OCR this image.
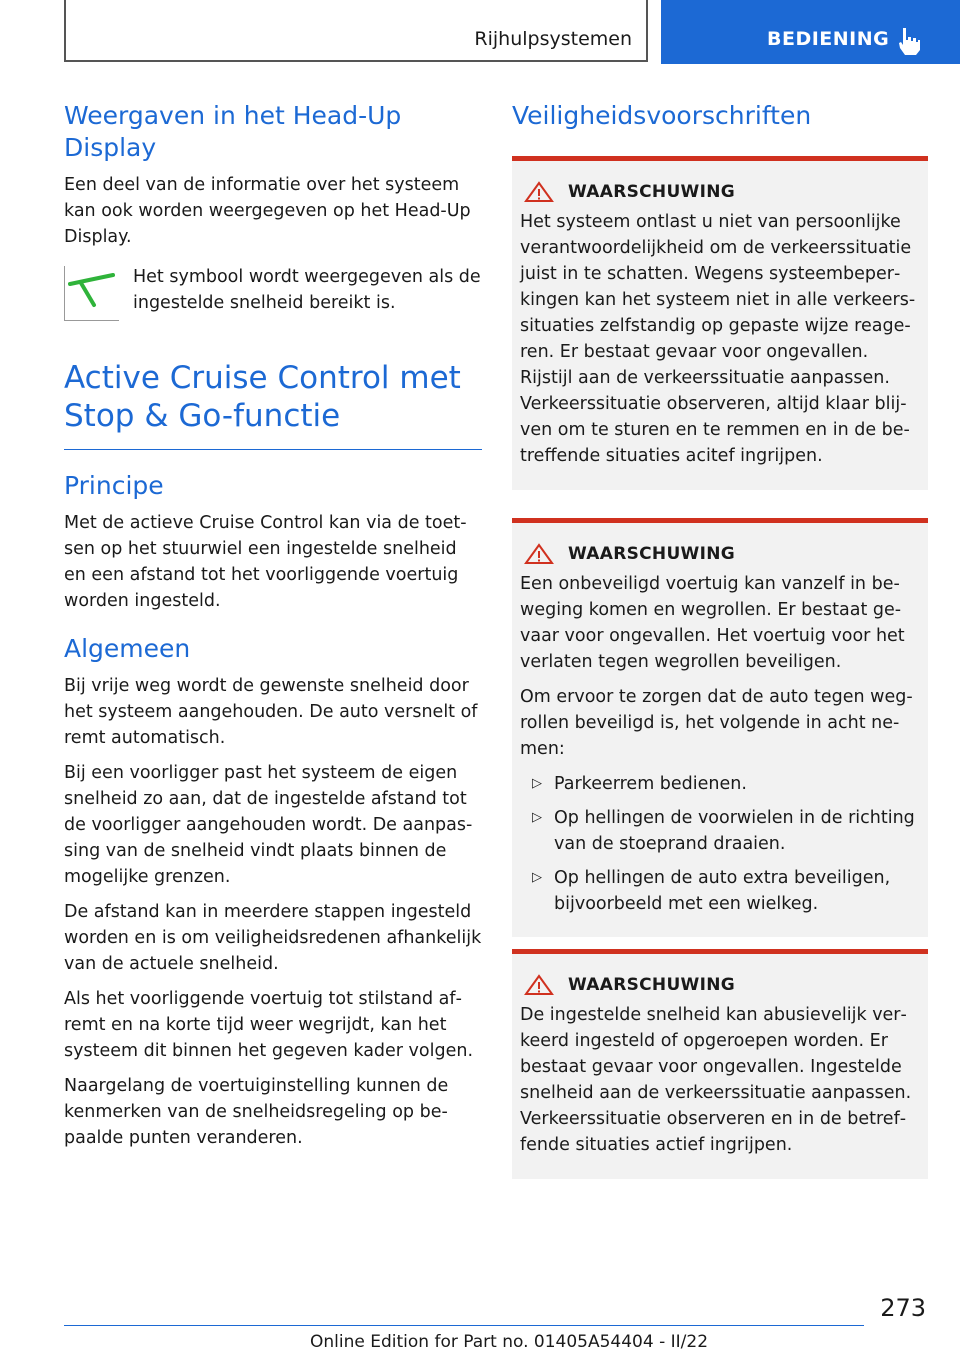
Rijhulpsystemen	BEDIENING
Weergaven in het Head-Up Display

Een deel van de informatie over het systeem kan ook worden weergegeven op het Head-Up Display.

Het symbool wordt weergegeven als de ingestelde snelheid bereikt is.

Active Cruise Control met Stop & Go-functie
Principe

Met de actieve Cruise Control kan via de toetsen op het stuurwiel een ingestelde snelheid en een afstand tot het voorliggende voertuig worden ingesteld.

Algemeen

Bij vrije weg wordt de gewenste snelheid door het systeem aangehouden. De auto versnelt of remt automatisch.

Bij een voorligger past het systeem de eigen snelheid zo aan, dat de ingestelde afstand tot de voorligger aangehouden wordt. De aanpassing van de snelheid vindt plaats binnen de mogelijke grenzen.

De afstand kan in meerdere stappen ingesteld worden en is om veiligheidsredenen afhankelijk van de actuele snelheid.

Als het voorliggende voertuig tot stilstand afremt en na korte tijd weer wegrijdt, kan het systeem dit binnen het gegeven kader volgen.

Naargelang de voertuiginstelling kunnen de kenmerken van de snelheidsregeling op bepaalde punten veranderen.

Veiligheidsvoorschriften
WAARSCHUWING

Het systeem ontlast u niet van persoonlijke verantwoordelijkheid om de verkeerssituatie juist in te schatten. Wegens systeembeperkingen kan het systeem niet in alle verkeerssituaties zelfstandig op gepaste wijze reageren. Er bestaat gevaar voor ongevallen. Rijstijl aan de verkeerssituatie aanpassen. Verkeerssituatie observeren, altijd klaar blijven om te sturen en te remmen en in de betreffende situaties acitef ingrijpen.

WAARSCHUWING

Een onbeveiligd voertuig kan vanzelf in beweging komen en wegrollen. Er bestaat gevaar voor ongevallen. Het voertuig voor het verlaten tegen wegrollen beveiligen.

Om ervoor te zorgen dat de auto tegen wegrollen beveiligd is, het volgende in acht nemen:

▷ Parkeerrem bedienen.
▷ Op hellingen de voorwielen in de richting van de stoeprand draaien.
▷ Op hellingen de auto extra beveiligen, bijvoorbeeld met een wielkeg.
WAARSCHUWING

De ingestelde snelheid kan abusievelijk verkeerd ingesteld of opgeroepen worden. Er bestaat gevaar voor ongevallen. Ingestelde snelheid aan de verkeerssituatie aanpassen. Verkeerssituatie observeren en in de betreffende situaties actief ingrijpen.

273
Online Edition for Part no. 01405A54404 - II/22
